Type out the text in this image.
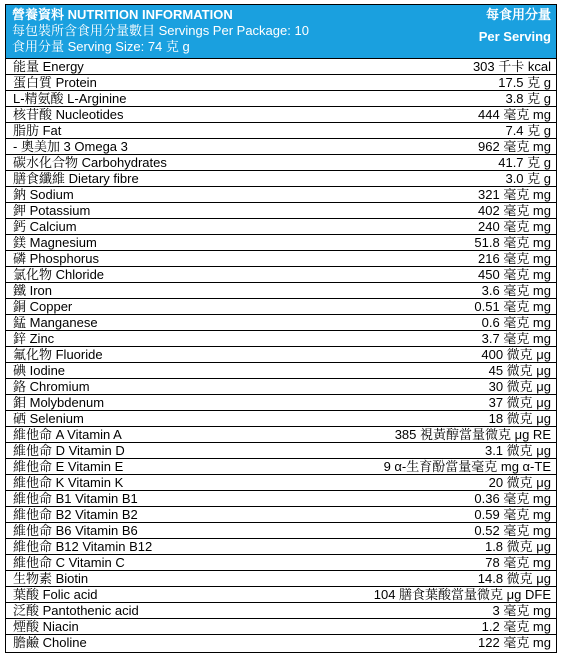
營養資料 NUTRITION INFORMATION
每包裝所含食用分量數目 Servings Per Package: 10
食用分量 Serving Size: 74 克 g
每食用分量
Per Serving
能量 Energy	303 千卡 kcal
蛋白質 Protein	17.5 克 g
L-精氨酸 L-Arginine	3.8 克 g
核苷酸 Nucleotides	444 毫克 mg
脂肪 Fat	7.4 克 g
- 奧美加 3 Omega 3	962 毫克 mg
碳水化合物 Carbohydrates	41.7 克 g
膳食纖維 Dietary fibre	3.0 克 g
鈉 Sodium	321 毫克 mg
鉀 Potassium	402 毫克 mg
鈣 Calcium	240 毫克 mg
鎂 Magnesium	51.8 毫克 mg
磷 Phosphorus	216 毫克 mg
氯化物 Chloride	450 毫克 mg
鐵 Iron	3.6 毫克 mg
銅 Copper	0.51 毫克 mg
錳 Manganese	0.6 毫克 mg
鋅 Zinc	3.7 毫克 mg
氟化物 Fluoride	400 微克 μg
碘 Iodine	45 微克 μg
鉻 Chromium	30 微克 μg
鉬 Molybdenum	37 微克 μg
硒 Selenium	18 微克 μg
維他命 A Vitamin A	385 視黃醇當量微克 μg RE
維他命 D Vitamin D	3.1 微克 μg
維他命 E Vitamin E	9 α-生育酚當量毫克 mg α-TE
維他命 K Vitamin K	20 微克 μg
維他命 B1 Vitamin B1	0.36 毫克 mg
維他命 B2 Vitamin B2	0.59 毫克 mg
維他命 B6 Vitamin B6	0.52 毫克 mg
維他命 B12 Vitamin B12	1.8 微克 μg
維他命 C Vitamin C	78 毫克 mg
生物素 Biotin	14.8 微克 μg
葉酸 Folic acid	104 膳食葉酸當量微克 μg DFE
泛酸 Pantothenic acid	3 毫克 mg
煙酸 Niacin	1.2 毫克 mg
膽鹼 Choline	122 毫克 mg
